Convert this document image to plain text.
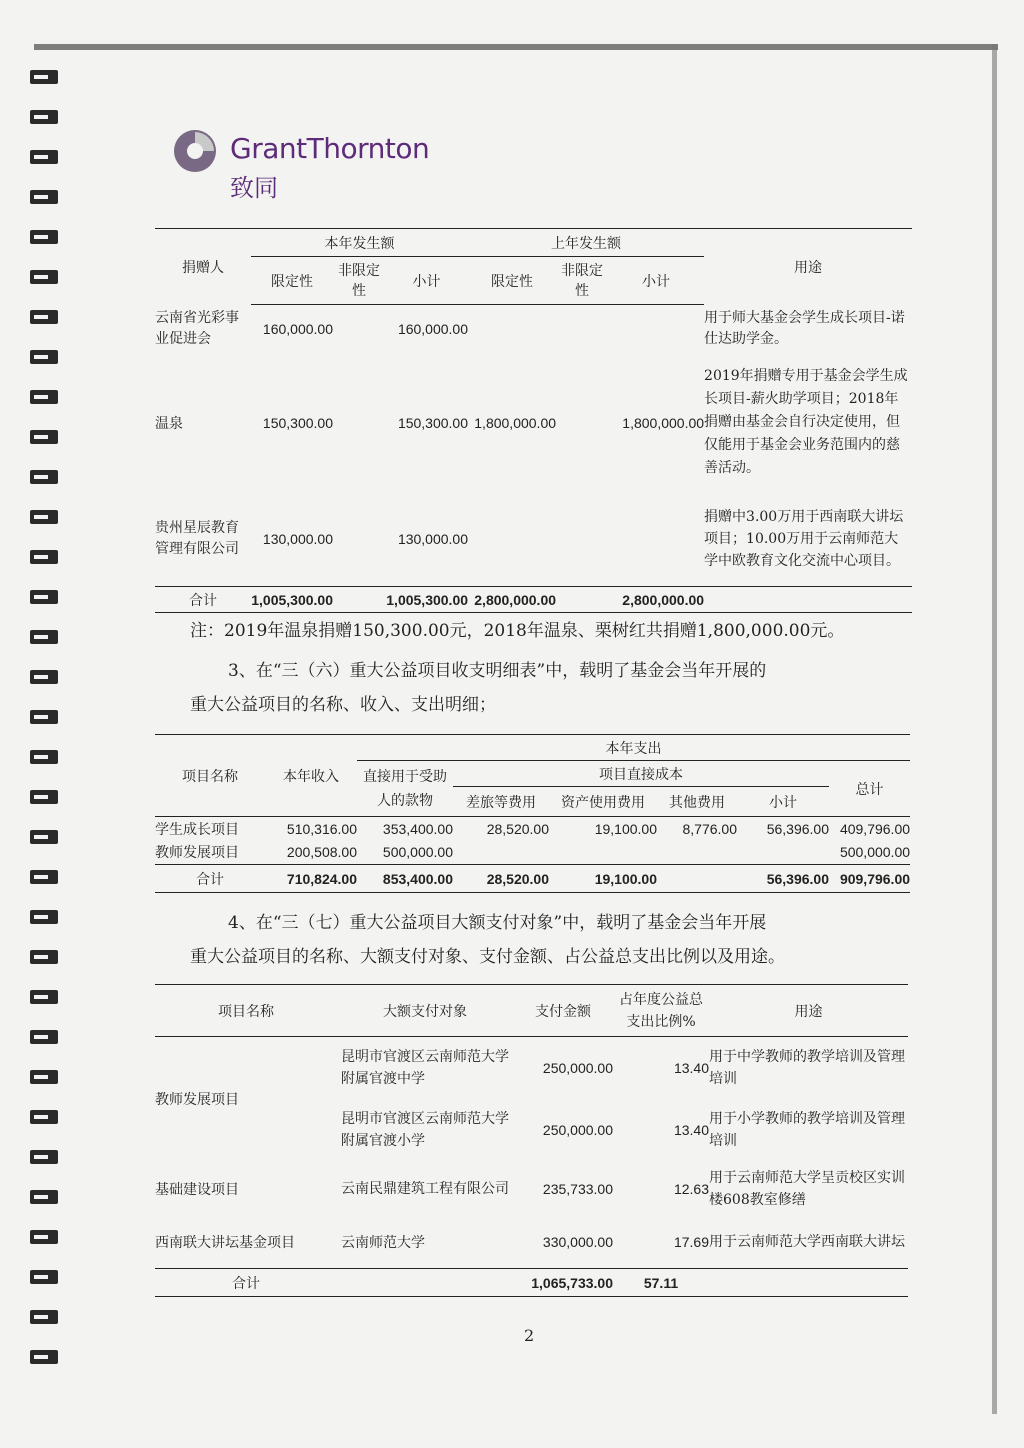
GrantThornton
致同
捐赠人	本年发生额			上年发生额			用途
	限定性	非限定性	小计	限定性	非限定性	小计	
云南省光彩事业促进会	160,000.00		160,000.00				用于师大基金会学生成长项目-诺仕达助学金。
温泉	150,300.00		150,300.00	1,800,000.00		1,800,000.00	2019年捐赠专用于基金会学生成长项目-薪火助学项目；2018年捐赠由基金会自行决定使用，但仅能用于基金会业务范围内的慈善活动。
贵州星辰教育管理有限公司	130,000.00		130,000.00				捐赠中3.00万用于西南联大讲坛项目；10.00万用于云南师范大学中欧教育文化交流中心项目。
合计	1,005,300.00		1,005,300.00	2,800,000.00		2,800,000.00	
注：2019年温泉捐赠150,300.00元，2018年温泉、栗树红共捐赠1,800,000.00元。
3、在“三（六）重大公益项目收支明细表”中，载明了基金会当年开展的
重大公益项目的名称、收入、支出明细；
项目名称	本年收入	本年支出					
		直接用于受助人的款物	项目直接成本				总计
			差旅等费用	资产使用费用	其他费用	小计	
学生成长项目	510,316.00	353,400.00	28,520.00	19,100.00	8,776.00	56,396.00	409,796.00
教师发展项目	200,508.00	500,000.00					500,000.00
合计	710,824.00	853,400.00	28,520.00	19,100.00		56,396.00	909,796.00
4、在“三（七）重大公益项目大额支付对象”中，载明了基金会当年开展
重大公益项目的名称、大额支付对象、支付金额、占公益总支出比例以及用途。
项目名称	大额支付对象	支付金额	占年度公益总支出比例%	用途
教师发展项目	昆明市官渡区云南师范大学附属官渡中学	250,000.00	13.40	用于中学教师的教学培训及管理培训
	昆明市官渡区云南师范大学附属官渡小学	250,000.00	13.40	用于小学教师的教学培训及管理培训
基础建设项目	云南民鼎建筑工程有限公司	235,733.00	12.63	用于云南师范大学呈贡校区实训楼608教室修缮
西南联大讲坛基金项目	云南师范大学	330,000.00	17.69	用于云南师范大学西南联大讲坛
合计		1,065,733.00	57.11	
2
